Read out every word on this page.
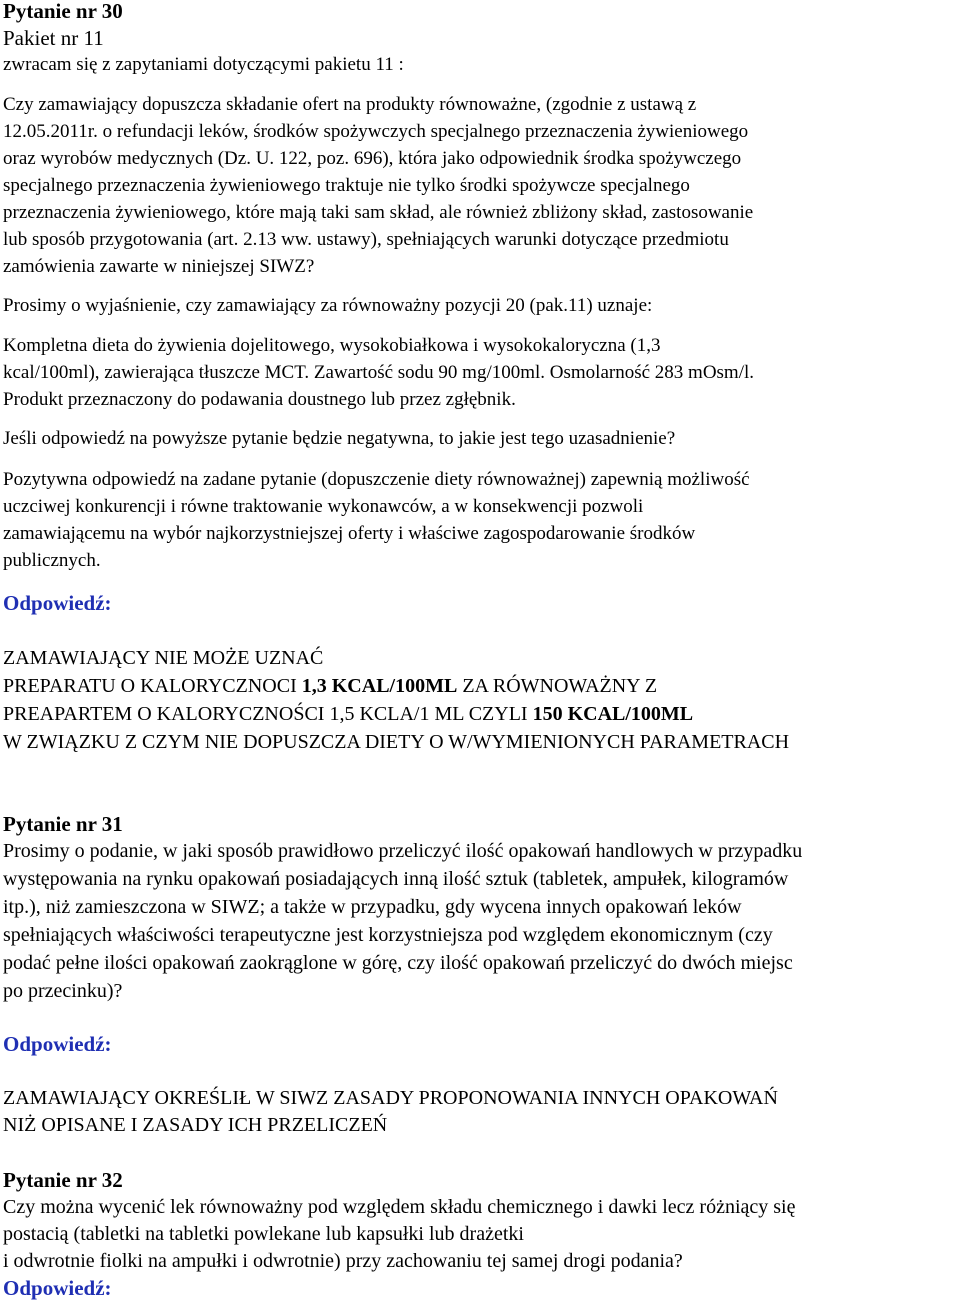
Pytanie nr 30
Pakiet nr 11
zwracam się z zapytaniami dotyczącymi pakietu 11 :
Czy zamawiający dopuszcza składanie ofert na produkty równoważne, (zgodnie z ustawą z
12.05.2011r. o refundacji leków, środków spożywczych specjalnego przeznaczenia żywieniowego
oraz wyrobów medycznych (Dz. U. 122, poz. 696), która jako odpowiednik środka spożywczego
specjalnego przeznaczenia żywieniowego traktuje nie tylko środki spożywcze specjalnego
przeznaczenia żywieniowego, które mają taki sam skład, ale również zbliżony skład, zastosowanie
lub sposób przygotowania (art. 2.13 ww. ustawy), spełniających warunki dotyczące przedmiotu
zamówienia zawarte w niniejszej SIWZ?
Prosimy o wyjaśnienie, czy zamawiający za równoważny pozycji 20 (pak.11) uznaje:
Kompletna dieta do żywienia dojelitowego, wysokobiałkowa i wysokokaloryczna (1,3
kcal/100ml), zawierająca tłuszcze MCT. Zawartość sodu 90 mg/100ml. Osmolarność 283 mOsm/l.
Produkt przeznaczony do podawania doustnego lub przez zgłębnik.
Jeśli odpowiedź na powyższe pytanie będzie negatywna, to jakie jest tego uzasadnienie?
Pozytywna odpowiedź na zadane pytanie (dopuszczenie diety równoważnej) zapewnią możliwość
uczciwej konkurencji i równe traktowanie wykonawców, a w konsekwencji pozwoli
zamawiającemu na wybór najkorzystniejszej oferty i właściwe zagospodarowanie środków
publicznych.
Odpowiedź:
ZAMAWIAJĄCY NIE MOŻE UZNAĆ
PREPARATU O KALORYCZNOCI 1,3 KCAL/100ML ZA RÓWNOWAŻNY Z
PREAPARTEM O KALORYCZNOŚCI 1,5 KCLA/1 ML CZYLI 150 KCAL/100ML
W ZWIĄZKU Z CZYM NIE DOPUSZCZA DIETY O W/WYMIENIONYCH PARAMETRACH
Pytanie nr 31
Prosimy o podanie, w jaki sposób prawidłowo przeliczyć ilość opakowań handlowych w przypadku
występowania na rynku opakowań posiadających inną ilość sztuk (tabletek, ampułek, kilogramów
itp.), niż zamieszczona w SIWZ; a także w przypadku, gdy wycena innych opakowań leków
spełniających właściwości terapeutyczne jest korzystniejsza pod względem ekonomicznym (czy
podać pełne ilości opakowań zaokrąglone w górę, czy ilość opakowań przeliczyć do dwóch miejsc
po przecinku)?
Odpowiedź:
ZAMAWIAJĄCY OKREŚLIŁ W SIWZ ZASADY PROPONOWANIA INNYCH OPAKOWAŃ
NIŻ OPISANE I ZASADY ICH PRZELICZEŃ
Pytanie nr 32
Czy można wycenić lek równoważny pod względem składu chemicznego i dawki lecz różniący się
postacią (tabletki na tabletki powlekane lub kapsułki lub drażetki
i odwrotnie fiolki na ampułki i odwrotnie) przy zachowaniu tej samej drogi podania?
Odpowiedź:
